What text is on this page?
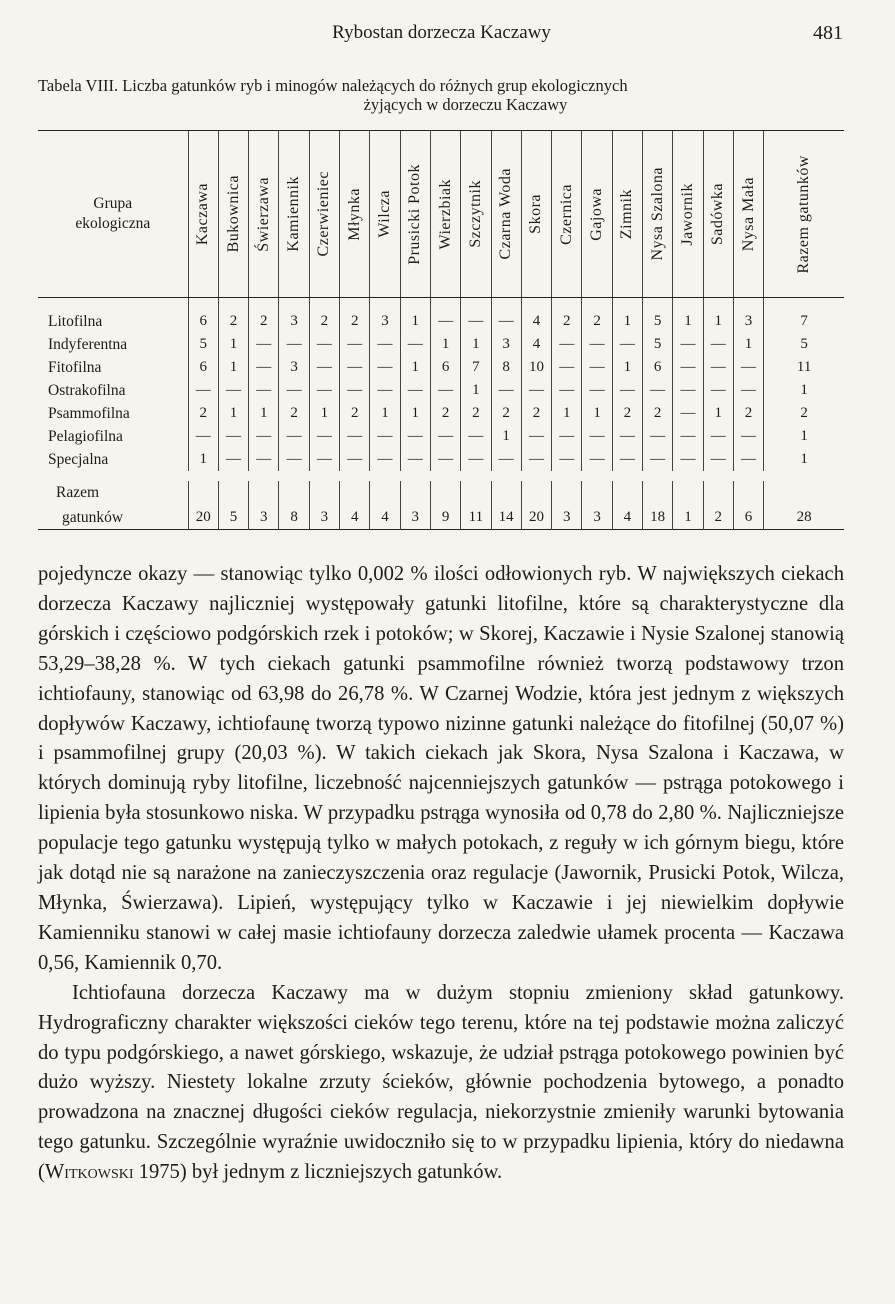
Rybostan dorzecza Kaczawy	481
Tabela VIII. Liczba gatunków ryb i minogów należących do różnych grup ekologicznych
żyjących w dorzeczu Kaczawy
Grupa
ekologiczna	Kaczawa	Bukownica	Świerzawa	Kamiennik	Czerwieniec	Młynka	Wilcza	Prusicki Potok	Wierzbiak	Szczytnik	Czarna Woda	Skora	Czernica	Gajowa	Zimnik	Nysa Szalona	Jawornik	Sadówka	Nysa Mała	Razem gatunków

Litofilna	6	2	2	3	2	2	3	1	—	—	—	4	2	2	1	5	1	1	3	7
Indyferentna	5	1	—	—	—	—	—	—	1	1	3	4	—	—	—	5	—	—	1	5
Fitofilna	6	1	—	3	—	—	—	1	6	7	8	10	—	—	1	6	—	—	—	11
Ostrakofilna	—	—	—	—	—	—	—	—	—	1	—	—	—	—	—	—	—	—	—	1
Psammofilna	2	1	1	2	1	2	1	1	2	2	2	2	1	1	2	2	—	1	2	2
Pelagiofilna	—	—	—	—	—	—	—	—	—	—	1	—	—	—	—	—	—	—	—	1
Specjalna	1	—	—	—	—	—	—	—	—	—	—	—	—	—	—	—	—	—	—	1

Razem																				
gatunków	20	5	3	8	3	4	4	3	9	11	14	20	3	3	4	18	1	2	6	28

pojedyncze okazy — stanowiąc tylko 0,002 % ilości odłowionych ryb. W największych ciekach dorzecza Kaczawy najliczniej występowały gatunki litofilne, które są charakterystyczne dla górskich i częściowo podgórskich rzek i potoków; w Skorej, Kaczawie i Nysie Szalonej stanowią 53,29–38,28 %. W tych ciekach gatunki psammofilne również tworzą podstawowy trzon ichtiofauny, stanowiąc od 63,98 do 26,78 %. W Czarnej Wodzie, która jest jednym z większych dopływów Kaczawy, ichtiofaunę tworzą typowo nizinne gatunki należące do fitofilnej (50,07 %) i psammofilnej grupy (20,03 %). W takich ciekach jak Skora, Nysa Szalona i Kaczawa, w których dominują ryby litofilne, liczebność najcenniejszych gatunków — pstrąga potokowego i lipienia była stosunkowo niska. W przypadku pstrąga wynosiła od 0,78 do 2,80 %. Najliczniejsze populacje tego gatunku występują tylko w małych potokach, z reguły w ich górnym biegu, które jak dotąd nie są narażone na zanieczyszczenia oraz regulacje (Jawornik, Prusicki Potok, Wilcza, Młynka, Świerzawa). Lipień, występujący tylko w Kaczawie i jej niewielkim dopływie Kamienniku stanowi w całej masie ichtiofauny dorzecza zaledwie ułamek procenta — Kaczawa 0,56, Kamiennik 0,70.

Ichtiofauna dorzecza Kaczawy ma w dużym stopniu zmieniony skład gatunkowy. Hydrograficzny charakter większości cieków tego terenu, które na tej podstawie można zaliczyć do typu podgórskiego, a nawet górskiego, wskazuje, że udział pstrąga potokowego powinien być dużo wyższy. Niestety lokalne zrzuty ścieków, głównie pochodzenia bytowego, a ponadto prowadzona na znacznej długości cieków regulacja, niekorzystnie zmieniły warunki bytowania tego gatunku. Szczególnie wyraźnie uwidoczniło się to w przypadku lipienia, który do niedawna (Witkowski 1975) był jednym z liczniejszych gatunków.
